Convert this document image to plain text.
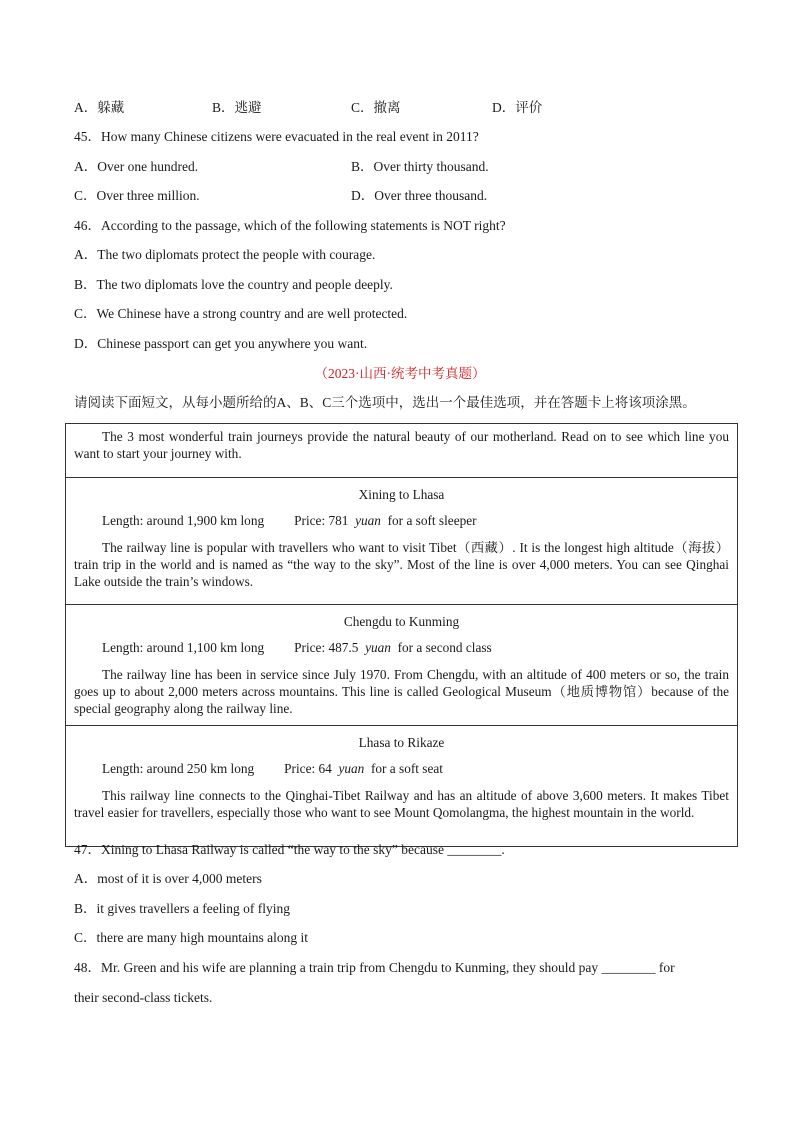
A．躲藏	B．逃避	C．撤离	D．评价
45．How many Chinese citizens were evacuated in the real event in 2011?
A．Over one hundred.	B．Over thirty thousand.
C．Over three million.	D．Over three thousand.
46．According to the passage, which of the following statements is NOT right?
A．The two diplomats protect the people with courage.
B．The two diplomats love the country and people deeply.
C．We Chinese have a strong country and are well protected.
D．Chinese passport can get you anywhere you want.
（2023·山西·统考中考真题）
请阅读下面短文，从每小题所给的A、B、C三个选项中，选出一个最佳选项，并在答题卡上将该项涂黑。

The 3 most wonderful train journeys provide the natural beauty of our motherland. Read on to see which line you want to start your journey with.

Xining to Lhasa

Length: around 1,900 km long Price: 781 yuan for a soft sleeper

The railway line is popular with travellers who want to visit Tibet（西藏）. It is the longest high altitude（海拔）train trip in the world and is named as “the way to the sky”. Most of the line is over 4,000 meters. You can see Qinghai Lake outside the train’s windows.

Chengdu to Kunming

Length: around 1,100 km long Price: 487.5 yuan for a second class

The railway line has been in service since July 1970. From Chengdu, with an altitude of 400 meters or so, the train goes up to about 2,000 meters across mountains. This line is called Geological Museum（地质博物馆）because of the special geography along the railway line.

Lhasa to Rikaze

Length: around 250 km long Price: 64 yuan for a soft seat

This railway line connects to the Qinghai-Tibet Railway and has an altitude of above 3,600 meters. It makes Tibet travel easier for travellers, especially those who want to see Mount Qomolangma, the highest mountain in the world.

47．Xining to Lhasa Railway is called “the way to the sky” because ________.
A．most of it is over 4,000 meters
B．it gives travellers a feeling of flying
C．there are many high mountains along it
48．Mr. Green and his wife are planning a train trip from Chengdu to Kunming, they should pay ________ for
their second-class tickets.
